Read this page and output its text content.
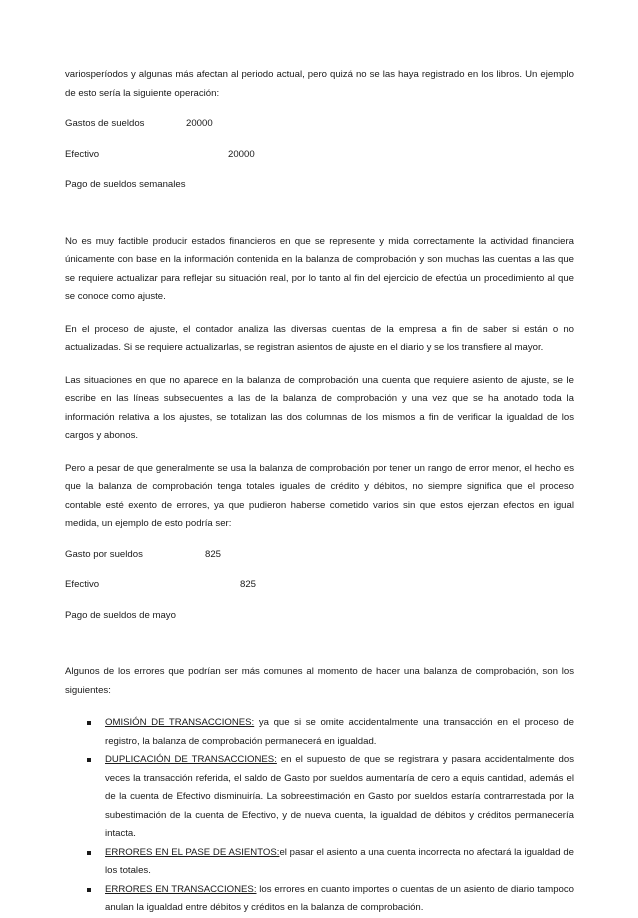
variosperíodos y algunas más afectan al periodo actual, pero quizá no se las haya registrado en los libros. Un ejemplo de esto sería la siguiente operación:

Gastos de sueldos	20000
Efectivo	20000
Pago de sueldos semanales

No es muy factible producir estados financieros en que se represente y mida correctamente la actividad financiera únicamente con base en la información contenida en la balanza de comprobación y son muchas las cuentas a las que se requiere actualizar para reflejar su situación real, por lo tanto al fin del ejercicio de efectúa un procedimiento al que se conoce como ajuste.

En el proceso de ajuste, el contador analiza las diversas cuentas de la empresa a fin de saber si están o no actualizadas. Si se requiere actualizarlas, se registran asientos de ajuste en el diario y se los transfiere al mayor.

Las situaciones en que no aparece en la balanza de comprobación una cuenta que requiere asiento de ajuste, se le escribe en las líneas subsecuentes a las de la balanza de comprobación y una vez que se ha anotado toda la información relativa a los ajustes, se totalizan las dos columnas de los mismos a fin de verificar la igualdad de los cargos y abonos.

Pero a pesar de que generalmente se usa la balanza de comprobación por tener un rango de error menor, el hecho es que la balanza de comprobación tenga totales iguales de crédito y débitos, no siempre significa que el proceso contable esté exento de errores, ya que pudieron haberse cometido varios sin que estos ejerzan efectos en igual medida, un ejemplo de esto podría ser:

Gasto por sueldos	825
Efectivo	825
Pago de sueldos de mayo

Algunos de los errores que podrían ser más comunes al momento de hacer una balanza de comprobación, son los siguientes:

OMISIÓN DE TRANSACCIONES: ya que si se omite accidentalmente una transacción en el proceso de registro, la balanza de comprobación permanecerá en igualdad.
DUPLICACIÓN DE TRANSACCIONES: en el supuesto de que se registrara y pasara accidentalmente dos veces la transacción referida, el saldo de Gasto por sueldos aumentaría de cero a equis cantidad, además el de la cuenta de Efectivo disminuiría. La sobreestimación en Gasto por sueldos estaría contrarrestada por la subestimación de la cuenta de Efectivo, y de nueva cuenta, la igualdad de débitos y créditos permanecería intacta.
ERRORES EN EL PASE DE ASIENTOS:el pasar el asiento a una cuenta incorrecta no afectará la igualdad de los totales.
ERRORES EN TRANSACCIONES: los errores en cuanto importes o cuentas de un asiento de diario tampoco anulan la igualdad entre débitos y créditos en la balanza de comprobación.
